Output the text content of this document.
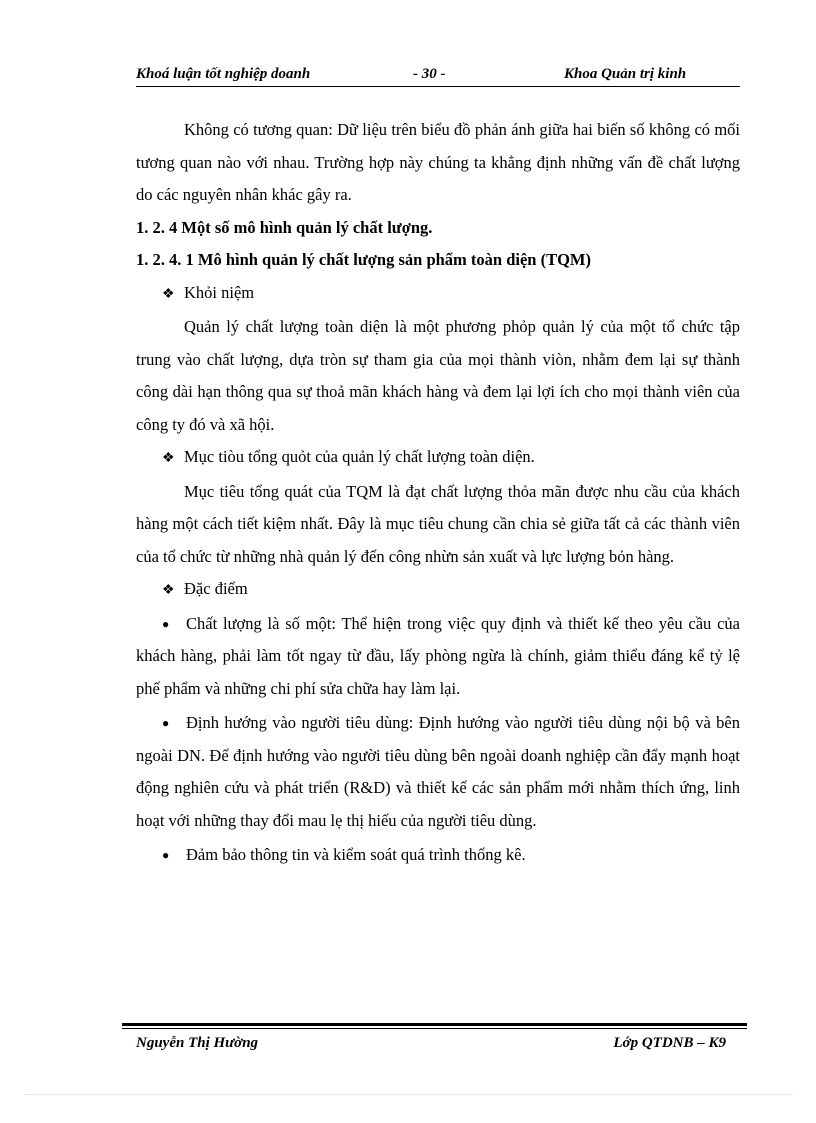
Khoá luận tốt nghiệp doanh	- 30 -	Khoa Quản trị kinh

Không có tương quan: Dữ liệu trên biểu đồ phản ánh giữa hai biến số không có mối tương quan nào với nhau. Trường hợp này chúng ta khẳng định những vấn đề chất lượng do các nguyên nhân khác gây ra.

1. 2. 4 Một số mô hình quản lý chất lượng.

1. 2. 4. 1 Mô hình quản lý chất lượng sản phẩm toàn diện (TQM)

❖ Khỏi niệm

Quản lý chất lượng toàn diện là một phương phỏp quản lý của một tổ chức tập trung vào chất lượng, dựa tròn sự tham gia của mọi thành viòn, nhằm đem lại sự thành công dài hạn thông qua sự thoả mãn khách hàng và đem lại lợi ích cho mọi thành viên của công ty đó và xã hội.

❖ Mục tiòu tổng quỏt của quản lý chất lượng toàn diện.

Mục tiêu tổng quát của TQM là đạt chất lượng thỏa mãn được nhu cầu của khách hàng một cách tiết kiệm nhất. Đây là mục tiêu chung cần chia sẻ giữa tất cả các thành viên của tổ chức từ những nhà quản lý đến công nhừn sản xuất và lực lượng bỏn hàng.

❖ Đặc điểm

● Chất lượng là số một: Thể hiện trong việc quy định và thiết kế theo yêu cầu của khách hàng, phải làm tốt ngay từ đầu, lấy phòng ngừa là chính, giảm thiểu đáng kể tỷ lệ phế phẩm và những chi phí sửa chữa hay làm lại.

● Định hướng vào người tiêu dùng: Định hướng vào người tiêu dùng nội bộ và bên ngoài DN. Để định hướng vào người tiêu dùng bên ngoài doanh nghiệp cần đẩy mạnh hoạt động nghiên cứu và phát triển (R&D) và thiết kế các sản phẩm mới nhằm thích ứng, linh hoạt với những thay đổi mau lẹ thị hiếu của người tiêu dùng.

● Đảm bảo thông tin và kiểm soát quá trình thống kê.

Nguyễn Thị Hường	Lớp QTDNB – K9
